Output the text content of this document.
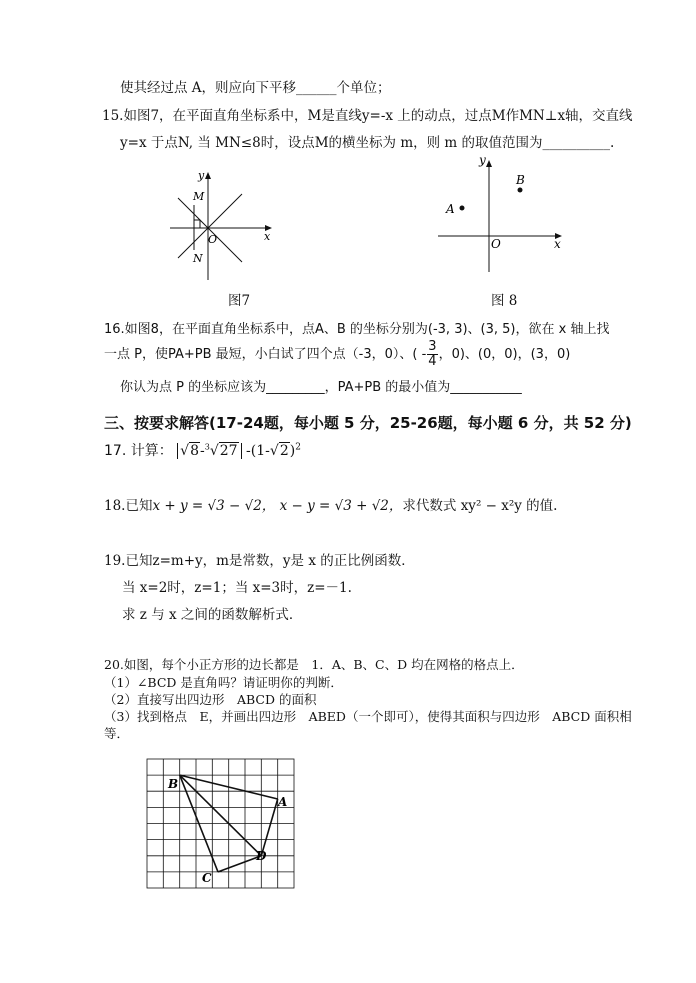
使其经过点 A，则应向下平移______个单位；
15.如图7，在平面直角坐标系中，M是直线y=-x 上的动点，过点M作MN⊥x轴，交直线
y=x 于点N, 当 MN≤8时，设点M的横坐标为 m，则 m 的取值范围为__________.
y
x
M
O
N
图7
y
x
A
B
O
图 8
16.如图8，在平面直角坐标系中，点A、B 的坐标分别为(-3, 3)、(3, 5)，欲在 x 轴上找
一点 P，使PA+PB 最短，小白试了四个点（-3，0）、( - $\frac{3}{4}$ ，0)、(0，0)，(3，0)
你认为点 P 的坐标应该为_________，PA+PB 的最小值为___________
三、按要求解答(17-24题，每小题 5 分，25-26题，每小题 6 分，共 52 分)
17. 计算： √8-$^3$√27 $-(1-√2)^2$
18.已知x + y = √3 − √2， x − y = √3 + √2，求代数式 xy² − x²y 的值.
19.已知z=m+y，m是常数，y是 x 的正比例函数．
当 x=2时，z=1；当 x=3时，z=－1.
求 z 与 x 之间的函数解析式．
20.如图，每个小正方形的边长都是　1．A、B、C、D 均在网格的格点上．
（1）∠BCD 是直角吗？请证明你的判断．
（2）直接写出四边形　ABCD 的面积
（3）找到格点　E，并画出四边形　ABED（一个即可），使得其面积与四边形　ABCD 面积相
等．
B
A
D
C
